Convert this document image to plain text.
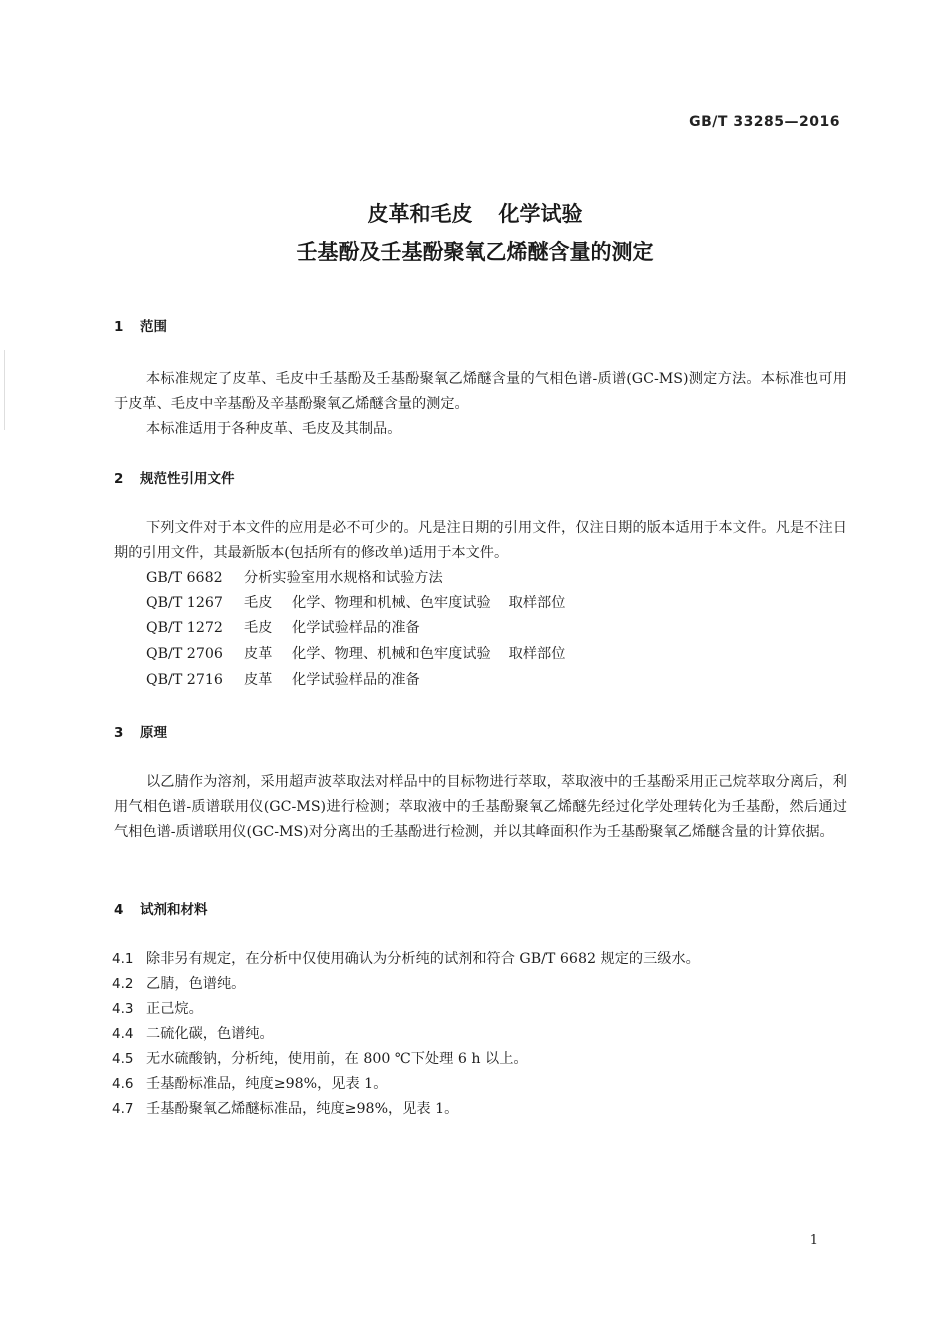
GB/T 33285—2016
皮革和毛皮 化学试验
壬基酚及壬基酚聚氧乙烯醚含量的测定
1 范围
本标准规定了皮革、毛皮中壬基酚及壬基酚聚氧乙烯醚含量的气相色谱-质谱(GC-MS)测定方法。本标准也可用于皮革、毛皮中辛基酚及辛基酚聚氧乙烯醚含量的测定。
本标准适用于各种皮革、毛皮及其制品。
2 规范性引用文件
下列文件对于本文件的应用是必不可少的。凡是注日期的引用文件，仅注日期的版本适用于本文件。凡是不注日期的引用文件，其最新版本(包括所有的修改单)适用于本文件。
GB/T 6682 分析实验室用水规格和试验方法
QB/T 1267 毛皮 化学、物理和机械、色牢度试验 取样部位
QB/T 1272 毛皮 化学试验样品的准备
QB/T 2706 皮革 化学、物理、机械和色牢度试验 取样部位
QB/T 2716 皮革 化学试验样品的准备
3 原理
以乙腈作为溶剂，采用超声波萃取法对样品中的目标物进行萃取，萃取液中的壬基酚采用正己烷萃取分离后，利用气相色谱-质谱联用仪(GC-MS)进行检测；萃取液中的壬基酚聚氧乙烯醚先经过化学处理转化为壬基酚，然后通过气相色谱-质谱联用仪(GC-MS)对分离出的壬基酚进行检测，并以其峰面积作为壬基酚聚氧乙烯醚含量的计算依据。
4 试剂和材料
4.1 除非另有规定，在分析中仅使用确认为分析纯的试剂和符合 GB/T 6682 规定的三级水。
4.2 乙腈，色谱纯。
4.3 正己烷。
4.4 二硫化碳，色谱纯。
4.5 无水硫酸钠，分析纯，使用前，在 800 ℃下处理 6 h 以上。
4.6 壬基酚标准品，纯度≥98%，见表 1。
4.7 壬基酚聚氧乙烯醚标准品，纯度≥98%，见表 1。
1
